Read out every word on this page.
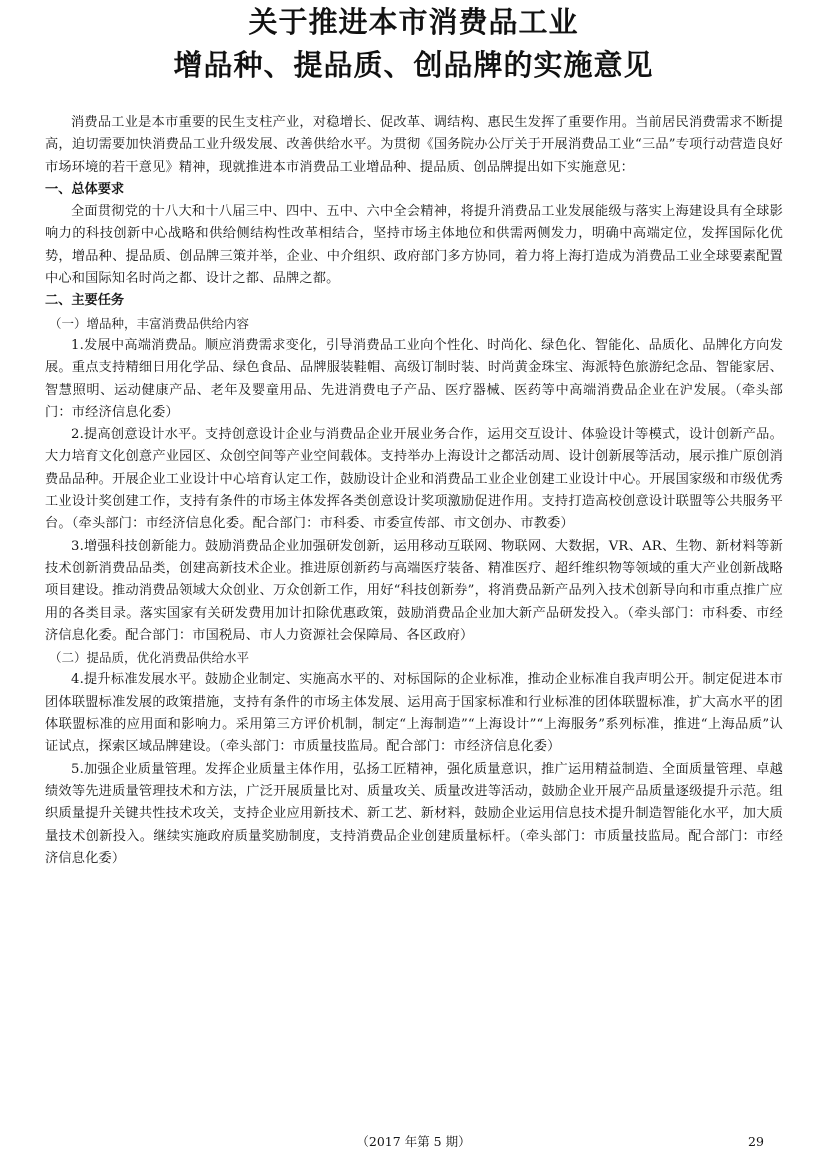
关于推进本市消费品工业
增品种、提品质、创品牌的实施意见

消费品工业是本市重要的民生支柱产业，对稳增长、促改革、调结构、惠民生发挥了重要作用。当前居民消费需求不断提高，迫切需要加快消费品工业升级发展、改善供给水平。为贯彻《国务院办公厅关于开展消费品工业“三品”专项行动营造良好市场环境的若干意见》精神，现就推进本市消费品工业增品种、提品质、创品牌提出如下实施意见：

一、总体要求

全面贯彻党的十八大和十八届三中、四中、五中、六中全会精神，将提升消费品工业发展能级与落实上海建设具有全球影响力的科技创新中心战略和供给侧结构性改革相结合，坚持市场主体地位和供需两侧发力，明确中高端定位，发挥国际化优势，增品种、提品质、创品牌三策并举，企业、中介组织、政府部门多方协同，着力将上海打造成为消费品工业全球要素配置中心和国际知名时尚之都、设计之都、品牌之都。

二、主要任务

（一）增品种，丰富消费品供给内容

1.发展中高端消费品。顺应消费需求变化，引导消费品工业向个性化、时尚化、绿色化、智能化、品质化、品牌化方向发展。重点支持精细日用化学品、绿色食品、品牌服装鞋帽、高级订制时装、时尚黄金珠宝、海派特色旅游纪念品、智能家居、智慧照明、运动健康产品、老年及婴童用品、先进消费电子产品、医疗器械、医药等中高端消费品企业在沪发展。（牵头部门：市经济信息化委）

2.提高创意设计水平。支持创意设计企业与消费品企业开展业务合作，运用交互设计、体验设计等模式，设计创新产品。大力培育文化创意产业园区、众创空间等产业空间载体。支持举办上海设计之都活动周、设计创新展等活动，展示推广原创消费品品种。开展企业工业设计中心培育认定工作，鼓励设计企业和消费品工业企业创建工业设计中心。开展国家级和市级优秀工业设计奖创建工作，支持有条件的市场主体发挥各类创意设计奖项激励促进作用。支持打造高校创意设计联盟等公共服务平台。（牵头部门：市经济信息化委。配合部门：市科委、市委宣传部、市文创办、市教委）

3.增强科技创新能力。鼓励消费品企业加强研发创新，运用移动互联网、物联网、大数据，VR、AR、生物、新材料等新技术创新消费品品类，创建高新技术企业。推进原创新药与高端医疗装备、精准医疗、超纤维织物等领域的重大产业创新战略项目建设。推动消费品领域大众创业、万众创新工作，用好“科技创新券”，将消费品新产品列入技术创新导向和市重点推广应用的各类目录。落实国家有关研发费用加计扣除优惠政策，鼓励消费品企业加大新产品研发投入。（牵头部门：市科委、市经济信息化委。配合部门：市国税局、市人力资源社会保障局、各区政府）

（二）提品质，优化消费品供给水平

4.提升标准发展水平。鼓励企业制定、实施高水平的、对标国际的企业标准，推动企业标准自我声明公开。制定促进本市团体联盟标准发展的政策措施，支持有条件的市场主体发展、运用高于国家标准和行业标准的团体联盟标准，扩大高水平的团体联盟标准的应用面和影响力。采用第三方评价机制，制定“上海制造”“上海设计”“上海服务”系列标准，推进“上海品质”认证试点，探索区域品牌建设。（牵头部门：市质量技监局。配合部门：市经济信息化委）

5.加强企业质量管理。发挥企业质量主体作用，弘扬工匠精神，强化质量意识，推广运用精益制造、全面质量管理、卓越绩效等先进质量管理技术和方法，广泛开展质量比对、质量攻关、质量改进等活动，鼓励企业开展产品质量逐级提升示范。组织质量提升关键共性技术攻关，支持企业应用新技术、新工艺、新材料，鼓励企业运用信息技术提升制造智能化水平，加大质量技术创新投入。继续实施政府质量奖励制度，支持消费品企业创建质量标杆。（牵头部门：市质量技监局。配合部门：市经济信息化委）

（2017 年第 5 期）	29
